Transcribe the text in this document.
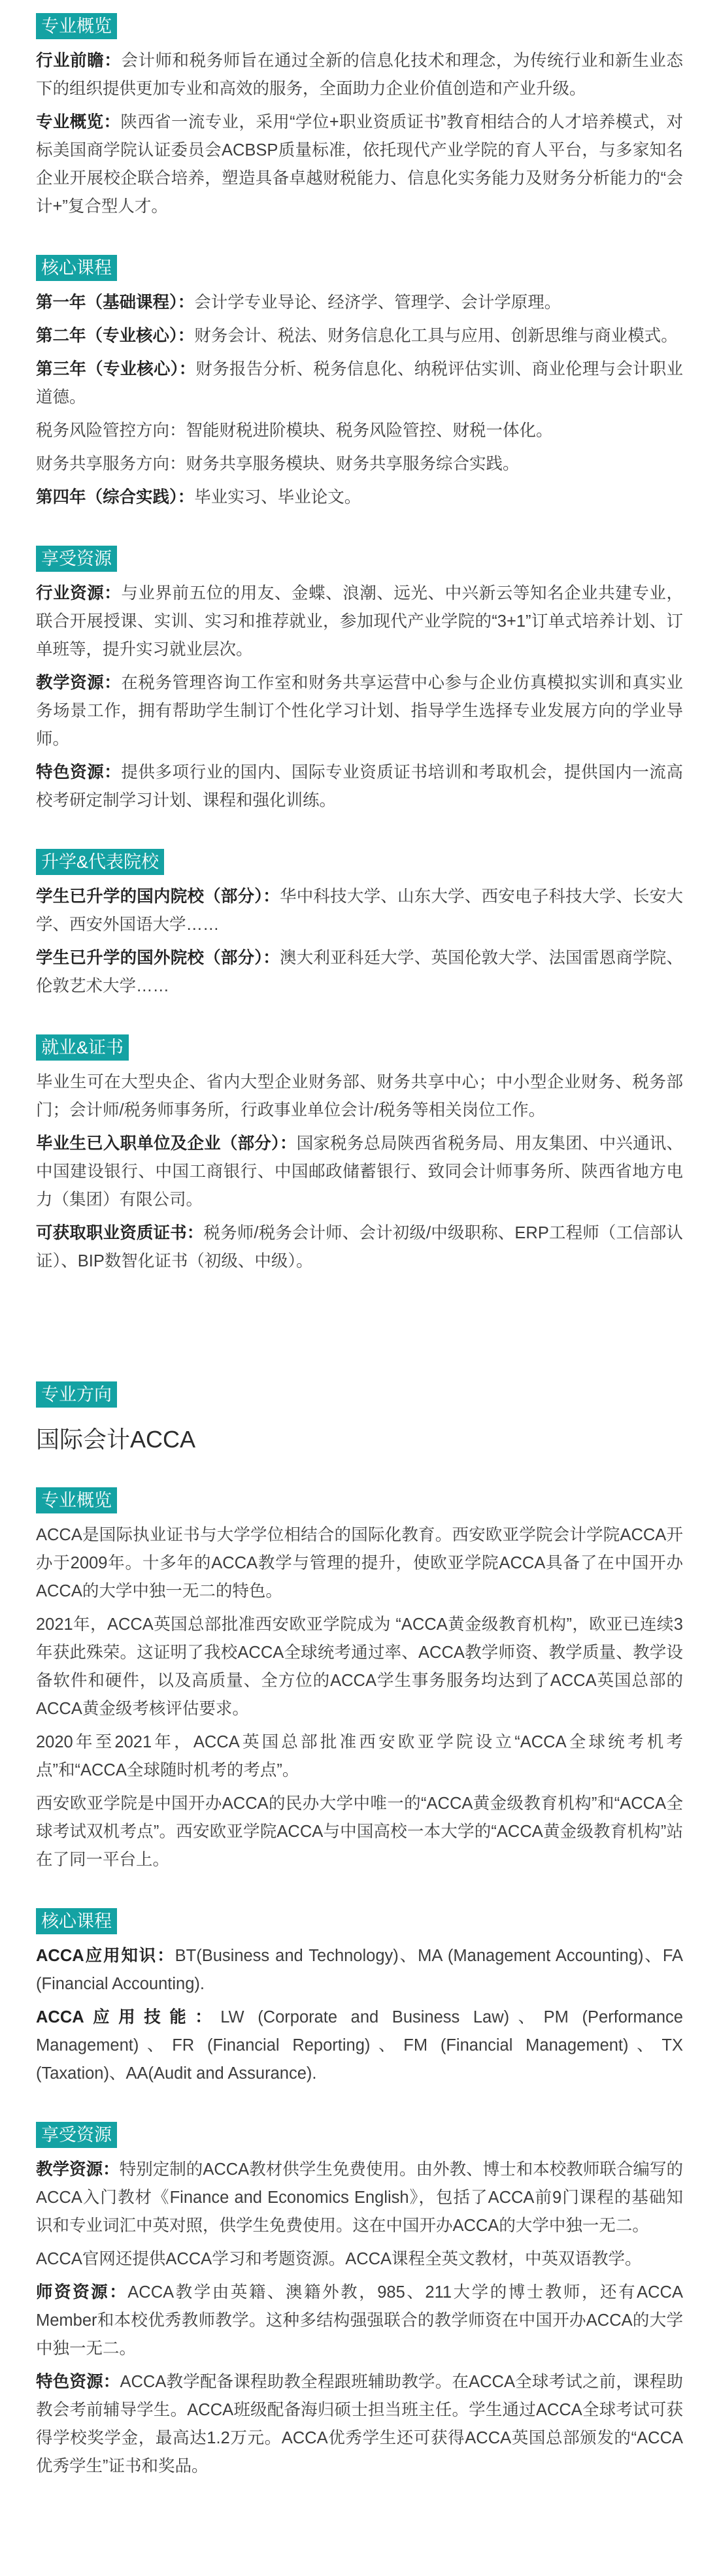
专业概览

行业前瞻：会计师和税务师旨在通过全新的信息化技术和理念，为传统行业和新生业态下的组织提供更加专业和高效的服务，全面助力企业价值创造和产业升级。

专业概览：陕西省一流专业，采用“学位+职业资质证书”教育相结合的人才培养模式，对标美国商学院认证委员会ACBSP质量标准，依托现代产业学院的育人平台，与多家知名企业开展校企联合培养，塑造具备卓越财税能力、信息化实务能力及财务分析能力的“会计+”复合型人才。

核心课程

第一年（基础课程）：会计学专业导论、经济学、管理学、会计学原理。

第二年（专业核心）：财务会计、税法、财务信息化工具与应用、创新思维与商业模式。

第三年（专业核心）：财务报告分析、税务信息化、纳税评估实训、商业伦理与会计职业道德。

税务风险管控方向：智能财税进阶模块、税务风险管控、财税一体化。

财务共享服务方向：财务共享服务模块、财务共享服务综合实践。

第四年（综合实践）：毕业实习、毕业论文。

享受资源

行业资源：与业界前五位的用友、金蝶、浪潮、远光、中兴新云等知名企业共建专业，联合开展授课、实训、实习和推荐就业，参加现代产业学院的“3+1”订单式培养计划、订单班等，提升实习就业层次。

教学资源：在税务管理咨询工作室和财务共享运营中心参与企业仿真模拟实训和真实业务场景工作，拥有帮助学生制订个性化学习计划、指导学生选择专业发展方向的学业导师。

特色资源：提供多项行业的国内、国际专业资质证书培训和考取机会，提供国内一流高校考研定制学习计划、课程和强化训练。

升学&代表院校

学生已升学的国内院校（部分）：华中科技大学、山东大学、西安电子科技大学、长安大学、西安外国语大学……

学生已升学的国外院校（部分）：澳大利亚科廷大学、英国伦敦大学、法国雷恩商学院、伦敦艺术大学……

就业&证书

毕业生可在大型央企、省内大型企业财务部、财务共享中心；中小型企业财务、税务部门；会计师/税务师事务所，行政事业单位会计/税务等相关岗位工作。

毕业生已入职单位及企业（部分）：国家税务总局陕西省税务局、用友集团、中兴通讯、中国建设银行、中国工商银行、中国邮政储蓄银行、致同会计师事务所、陕西省地方电力（集团）有限公司。

可获取职业资质证书：税务师/税务会计师、会计初级/中级职称、ERP工程师（工信部认证）、BIP数智化证书（初级、中级）。

专业方向
国际会计ACCA
专业概览

ACCA是国际执业证书与大学学位相结合的国际化教育。西安欧亚学院会计学院ACCA开办于2009年。十多年的ACCA教学与管理的提升，使欧亚学院ACCA具备了在中国开办ACCA的大学中独一无二的特色。

2021年，ACCA英国总部批准西安欧亚学院成为 “ACCA黄金级教育机构”，欧亚已连续3年获此殊荣。这证明了我校ACCA全球统考通过率、ACCA教学师资、教学质量、教学设备软件和硬件，以及高质量、全方位的ACCA学生事务服务均达到了ACCA英国总部的ACCA黄金级考核评估要求。

2020年至2021年，ACCA英国总部批准西安欧亚学院设立“ACCA全球统考机考点”和“ACCA全球随时机考的考点”。

西安欧亚学院是中国开办ACCA的民办大学中唯一的“ACCA黄金级教育机构”和“ACCA全球考试双机考点”。西安欧亚学院ACCA与中国高校一本大学的“ACCA黄金级教育机构”站在了同一平台上。

核心课程

ACCA应用知识：BT(Business and Technology)、MA (Management Accounting)、FA (Financial Accounting).

ACCA应用技能：LW (Corporate and Business Law)、PM (Performance Management)、FR (Financial Reporting)、FM (Financial Management)、TX (Taxation)、AA(Audit and Assurance).

享受资源

教学资源：特别定制的ACCA教材供学生免费使用。由外教、博士和本校教师联合编写的ACCA入门教材《Finance and Economics English》，包括了ACCA前9门课程的基础知识和专业词汇中英对照，供学生免费使用。这在中国开办ACCA的大学中独一无二。

ACCA官网还提供ACCA学习和考题资源。ACCA课程全英文教材，中英双语教学。

师资资源：ACCA教学由英籍、澳籍外教，985、211大学的博士教师，还有ACCA Member和本校优秀教师教学。这种多结构强强联合的教学师资在中国开办ACCA的大学中独一无二。

特色资源：ACCA教学配备课程助教全程跟班辅助教学。在ACCA全球考试之前，课程助教会考前辅导学生。ACCA班级配备海归硕士担当班主任。学生通过ACCA全球考试可获得学校奖学金，最高达1.2万元。ACCA优秀学生还可获得ACCA英国总部颁发的“ACCA优秀学生”证书和奖品。
